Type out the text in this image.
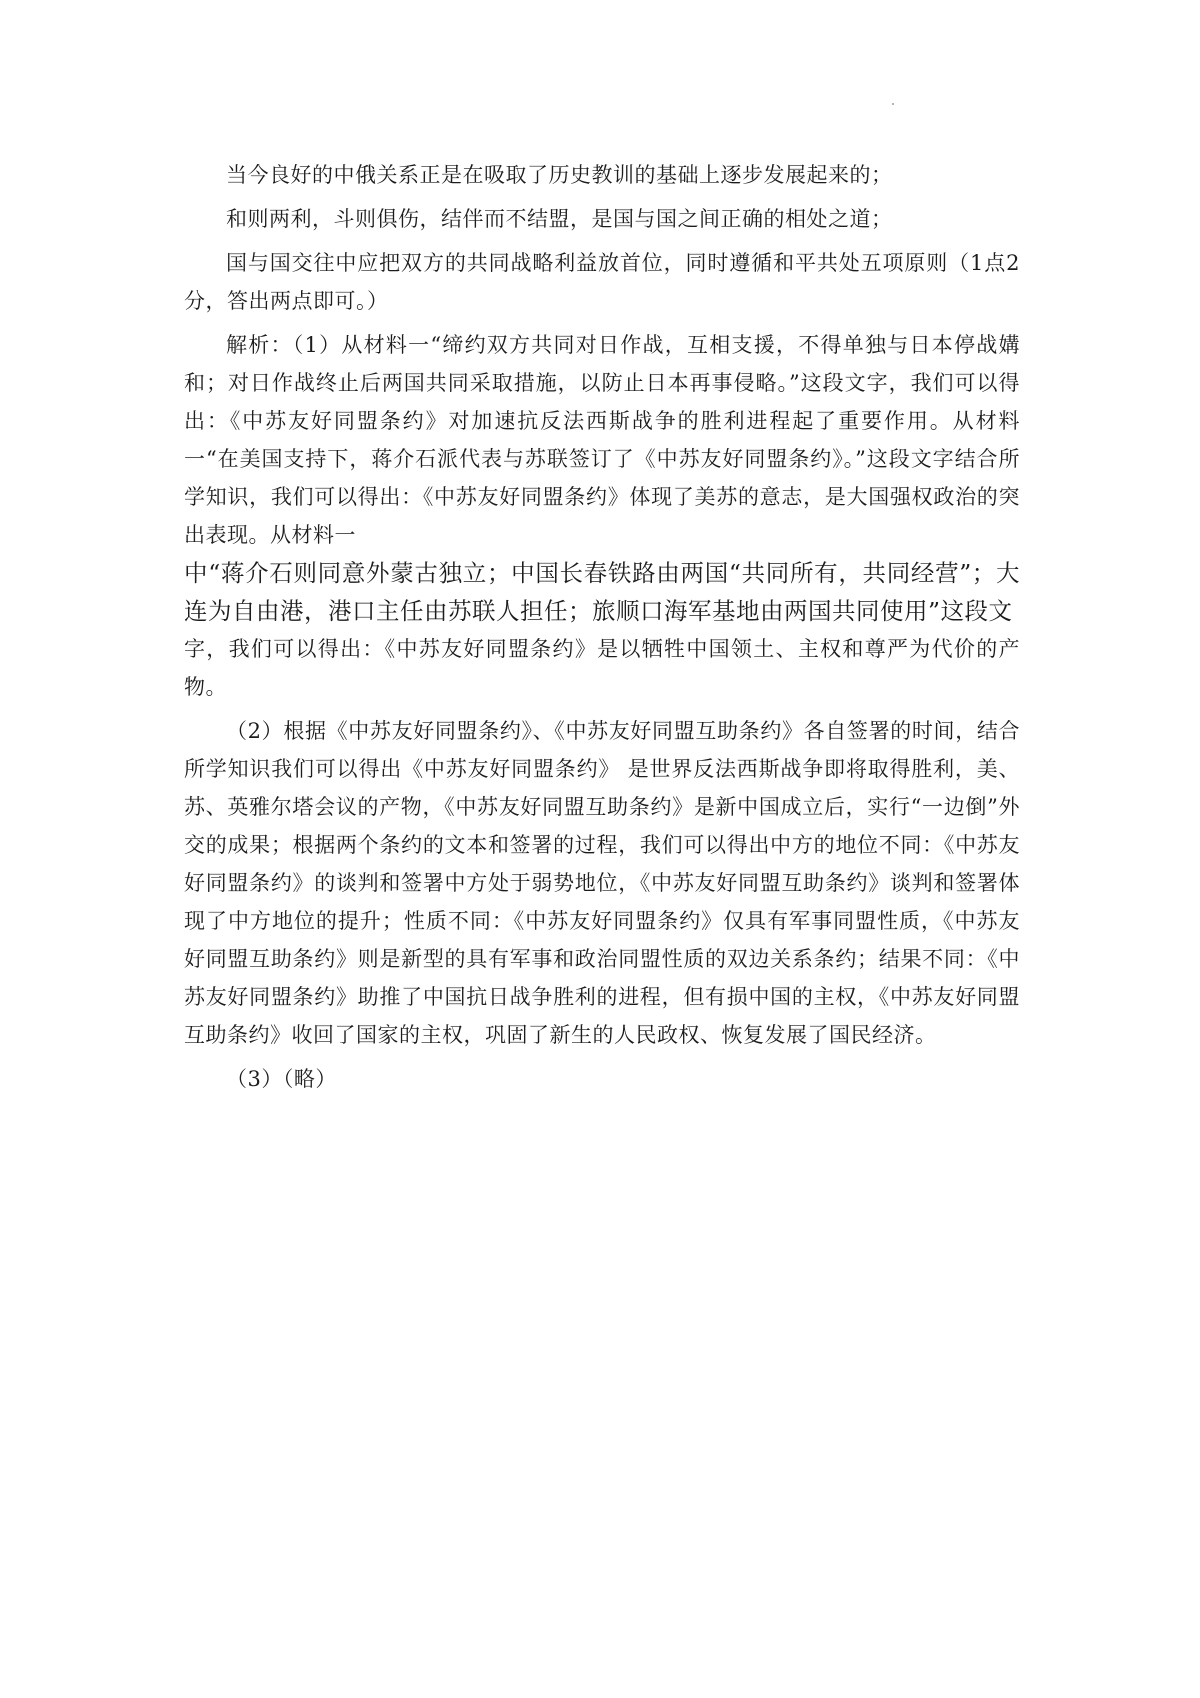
当今良好的中俄关系正是在吸取了历史教训的基础上逐步发展起来的；

和则两利，斗则俱伤，结伴而不结盟，是国与国之间正确的相处之道；

国与国交往中应把双方的共同战略利益放首位，同时遵循和平共处五项原则（1点2分，答出两点即可。）

解析：（1）从材料一“缔约双方共同对日作战，互相支援，不得单独与日本停战媾和；对日作战终止后两国共同采取措施，以防止日本再事侵略。”这段文字，我们可以得出：《中苏友好同盟条约》对加速抗反法西斯战争的胜利进程起了重要作用。从材料一“在美国支持下，蒋介石派代表与苏联签订了《中苏友好同盟条约》。”这段文字结合所学知识，我们可以得出：《中苏友好同盟条约》体现了美苏的意志，是大国强权政治的突出表现。从材料一

中“蒋介石则同意外蒙古独立；中国长春铁路由两国“共同所有，共同经营”；大连为自由港，港口主任由苏联人担任；旅顺口海军基地由两国共同使用”这段文

字，我们可以得出：《中苏友好同盟条约》是以牺牲中国领土、主权和尊严为代价的产物。

（2）根据《中苏友好同盟条约》、《中苏友好同盟互助条约》各自签署的时间，结合所学知识我们可以得出《中苏友好同盟条约》 是世界反法西斯战争即将取得胜利，美、苏、英雅尔塔会议的产物，《中苏友好同盟互助条约》是新中国成立后，实行“一边倒”外交的成果；根据两个条约的文本和签署的过程，我们可以得出中方的地位不同：《中苏友好同盟条约》的谈判和签署中方处于弱势地位，《中苏友好同盟互助条约》谈判和签署体现了中方地位的提升；性质不同：《中苏友好同盟条约》仅具有军事同盟性质，《中苏友好同盟互助条约》则是新型的具有军事和政治同盟性质的双边关系条约；结果不同：《中苏友好同盟条约》助推了中国抗日战争胜利的进程，但有损中国的主权，《中苏友好同盟互助条约》收回了国家的主权，巩固了新生的人民政权、恢复发展了国民经济。

（3）（略）
